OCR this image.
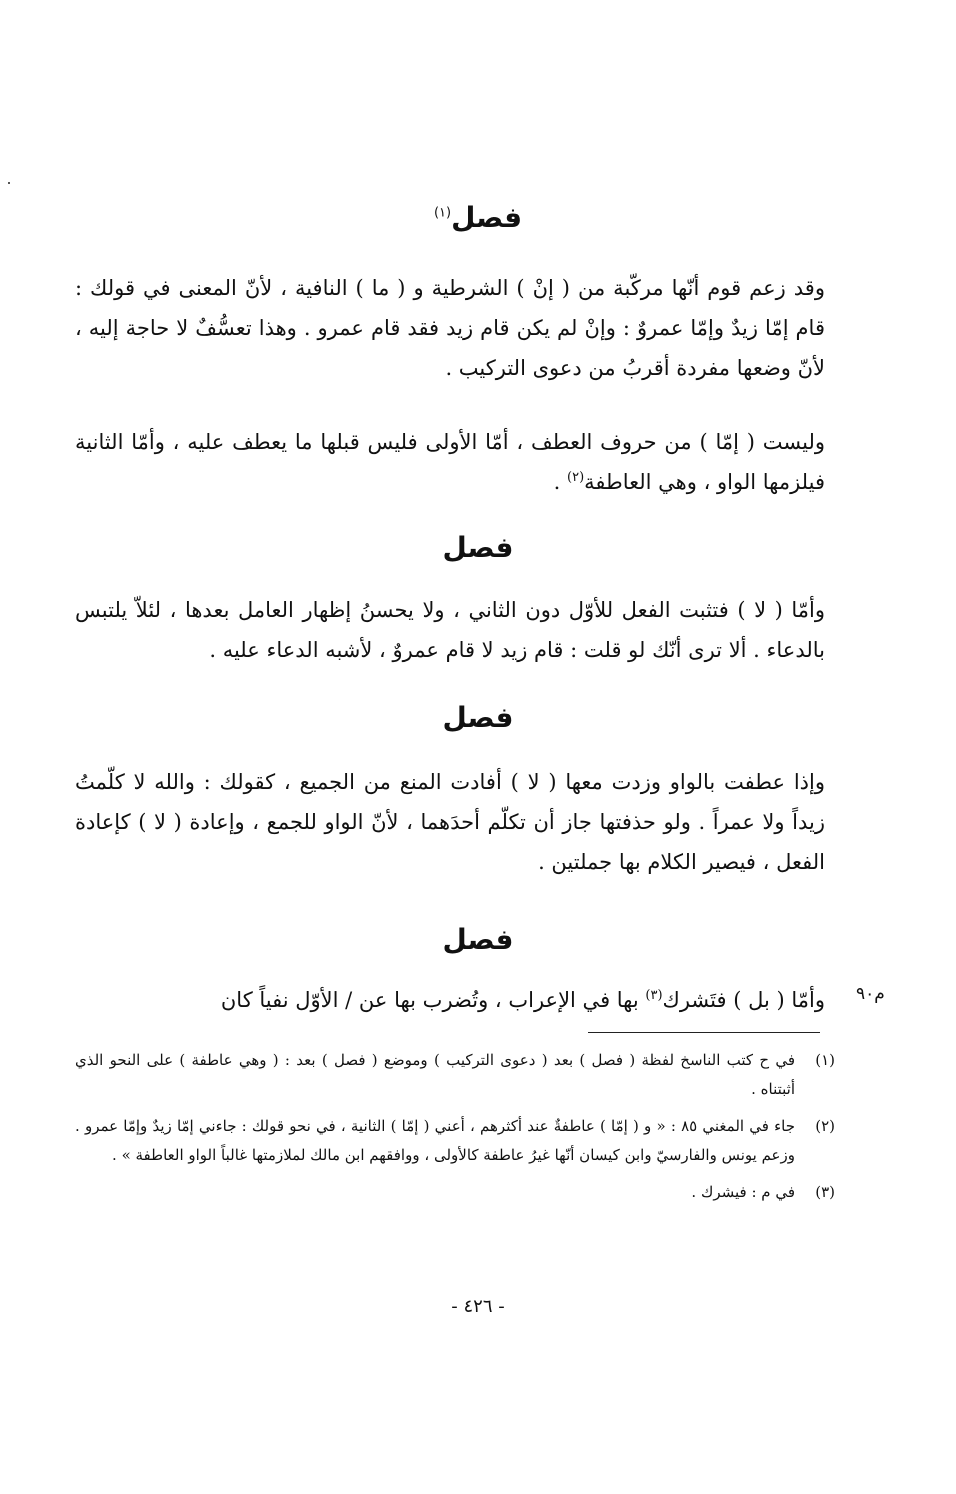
فصل$^{(١)}$

وقد زعم قوم أنّها مركّبة من ( إنْ ) الشرطية و ( ما ) النافية ، لأنّ المعنى في قولك : قام إمّا زيدٌ وإمّا عمروٌ : وإنْ لم يكن قام زيد فقد قام عمرو . وهذا تعسُّفٌ لا حاجة إليه ، لأنّ وضعها مفردة أقربُ من دعوى التركيب .

وليست ( إمّا ) من حروف العطف ، أمّا الأولى فليس قبلها ما يعطف عليه ، وأمّا الثانية فيلزمها الواو ، وهي العاطفة$^{(٢)}$ .

فصل

وأمّا ( لا ) فتثبت الفعل للأوّل دون الثاني ، ولا يحسنُ إظهار العامل بعدها ، لئلاّ يلتبس بالدعاء . ألا ترى أنّك لو قلت : قام زيد لا قام عمروٌ ، لأشبه الدعاء عليه .

فصل

وإذا عطفت بالواو وزدت معها ( لا ) أفادت المنع من الجميع ، كقولك : والله لا كلّمتُ زيداً ولا عمراً . ولو حذفتها جاز أن تكلّم أحدَهما ، لأنّ الواو للجمع ، وإعادة ( لا ) كإعادة الفعل ، فيصير الكلام بها جملتين .

فصل
وأمّا ( بل ) فتَشرك$^{(٣)}$ بها في الإعراب ، وتُضرب بها عن / الأوّل نفياً كان	م٩٠
(١)
في ح كتب الناسخ لفظة ( فصل ) بعد ( دعوى التركيب ) وموضع ( فصل ) بعد : ( وهي عاطفة ) على النحو الذي أثبتناه .
(٢)
جاء في المغني ٨٥ : « و ( إمّا ) عاطفةٌ عند أكثرهم ، أعني ( إمّا ) الثانية ، في نحو قولك : جاءني إمّا زيدٌ وإمّا عمرو . وزعم يونس والفارسيّ وابن كيسان أنّها غيرُ عاطفة كالأولى ، ووافقهم ابن مالك لملازمتها غالباً الواو العاطفة » .
(٣)
في م : فيشرك .
- ٤٢٦ -
